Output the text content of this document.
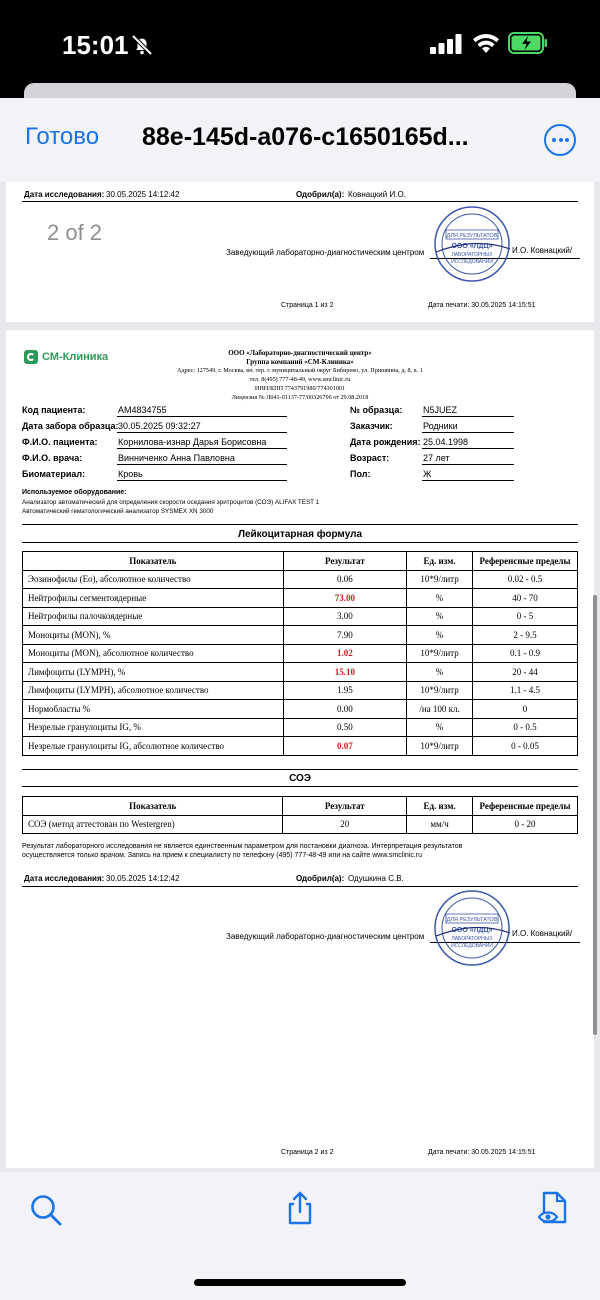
15:01
Готово 88e-145d-a076-c1650165d...
Дата исследования: 30.05.2025 14:12:42	Одобрил(а): Ковнацкий И.О.
2 of 2
Заведующий лабораторно-диагностическим центром	И.О. Ковнацкий/
ДЛЯ РЕЗУЛЬТАТОВ
ООО «ЛДЦ»
ЛАБОРАТОРНЫХ
ИССЛЕДОВАНИЙ
Страница 1 из 2	Дата печати: 30.05.2025 14:15:51
СМ-Клиника	ООО «Лабораторно-диагностический центр»
Группа компаний «СМ-Клиника»
Адрес: 127549, г. Москва, вн. тер. г. муниципальный округ Бибирево, ул. Пришвина, д. 8, к. 1
тел. 8(495) 777-48-49, www.smclinic.ru
ИНН/КПП 7743791980/774301001
Лицензия № Л041-01137-77/00326706 от 29.08.2018
Код пациента:	AM4834755
Дата забора образца: 30.05.2025 09:32:27
Ф.И.О. пациента: Корнилова-изнар Дарья Борисовна
Ф.И.О. врача:	Винниченко Анна Павловна
Биоматериал:	Кровь
№ образца: N5JUEZ
Заказчик:	Родники
Дата рождения: 25.04.1998
Возраст:	27 лет
Пол:	Ж
Используемое оборудование:
Анализатор автоматический для определения скорости оседания эритроцитов (СОЭ) ALIFAX TEST 1
Автоматический гематологический анализатор SYSMEX XN 3000
Лейкоцитарная формула
Показатель	Результат	Ед. изм.	Референсные пределы
Эозинофилы (Eo), абсолютное количество	0.06	10*9/литр	0.02 - 0.5
Нейтрофилы сегментоядерные	73.00	%	40 - 70
Нейтрофилы палочкоядерные	3.00	%	0 - 5
Моноциты (MON), %	7.90	%	2 - 9.5
Моноциты (MON), абсолютное количество	1.02	10*9/литр	0.1 - 0.9
Лимфоциты (LYMPH), %	15.10	%	20 - 44
Лимфоциты (LYMPH), абсолютное количество	1.95	10*9/литр	1.1 - 4.5
Нормобласты %	0.00	/на 100 кл.	0
Незрелые гранулоциты IG, %	0.50	%	0 - 0.5
Незрелые гранулоциты IG, абсолютное количество	0.07	10*9/литр	0 - 0.05
СОЭ
Показатель	Результат	Ед. изм.	Референсные пределы
СОЭ (метод аттестован по Westergren)	20	мм/ч	0 - 20
Результат лабораторного исследования не является единственным параметром для постановки диагноза. Интерпретация результатов
осуществляется только врачом. Запись на прием к специалисту по телефону (495) 777-48-49 или на сайте www.smclinic.ru
Дата исследования: 30.05.2025 14:12:42	Одобрил(а): Одушкина С.В.
Заведующий лабораторно-диагностическим центром	И.О. Ковнацкий/
ДЛЯ РЕЗУЛЬТАТОВ
ООО «ЛДЦ»
ЛАБОРАТОРНЫХ
ИССЛЕДОВАНИЙ
Страница 2 из 2	Дата печати: 30.05.2025 14:15:51
